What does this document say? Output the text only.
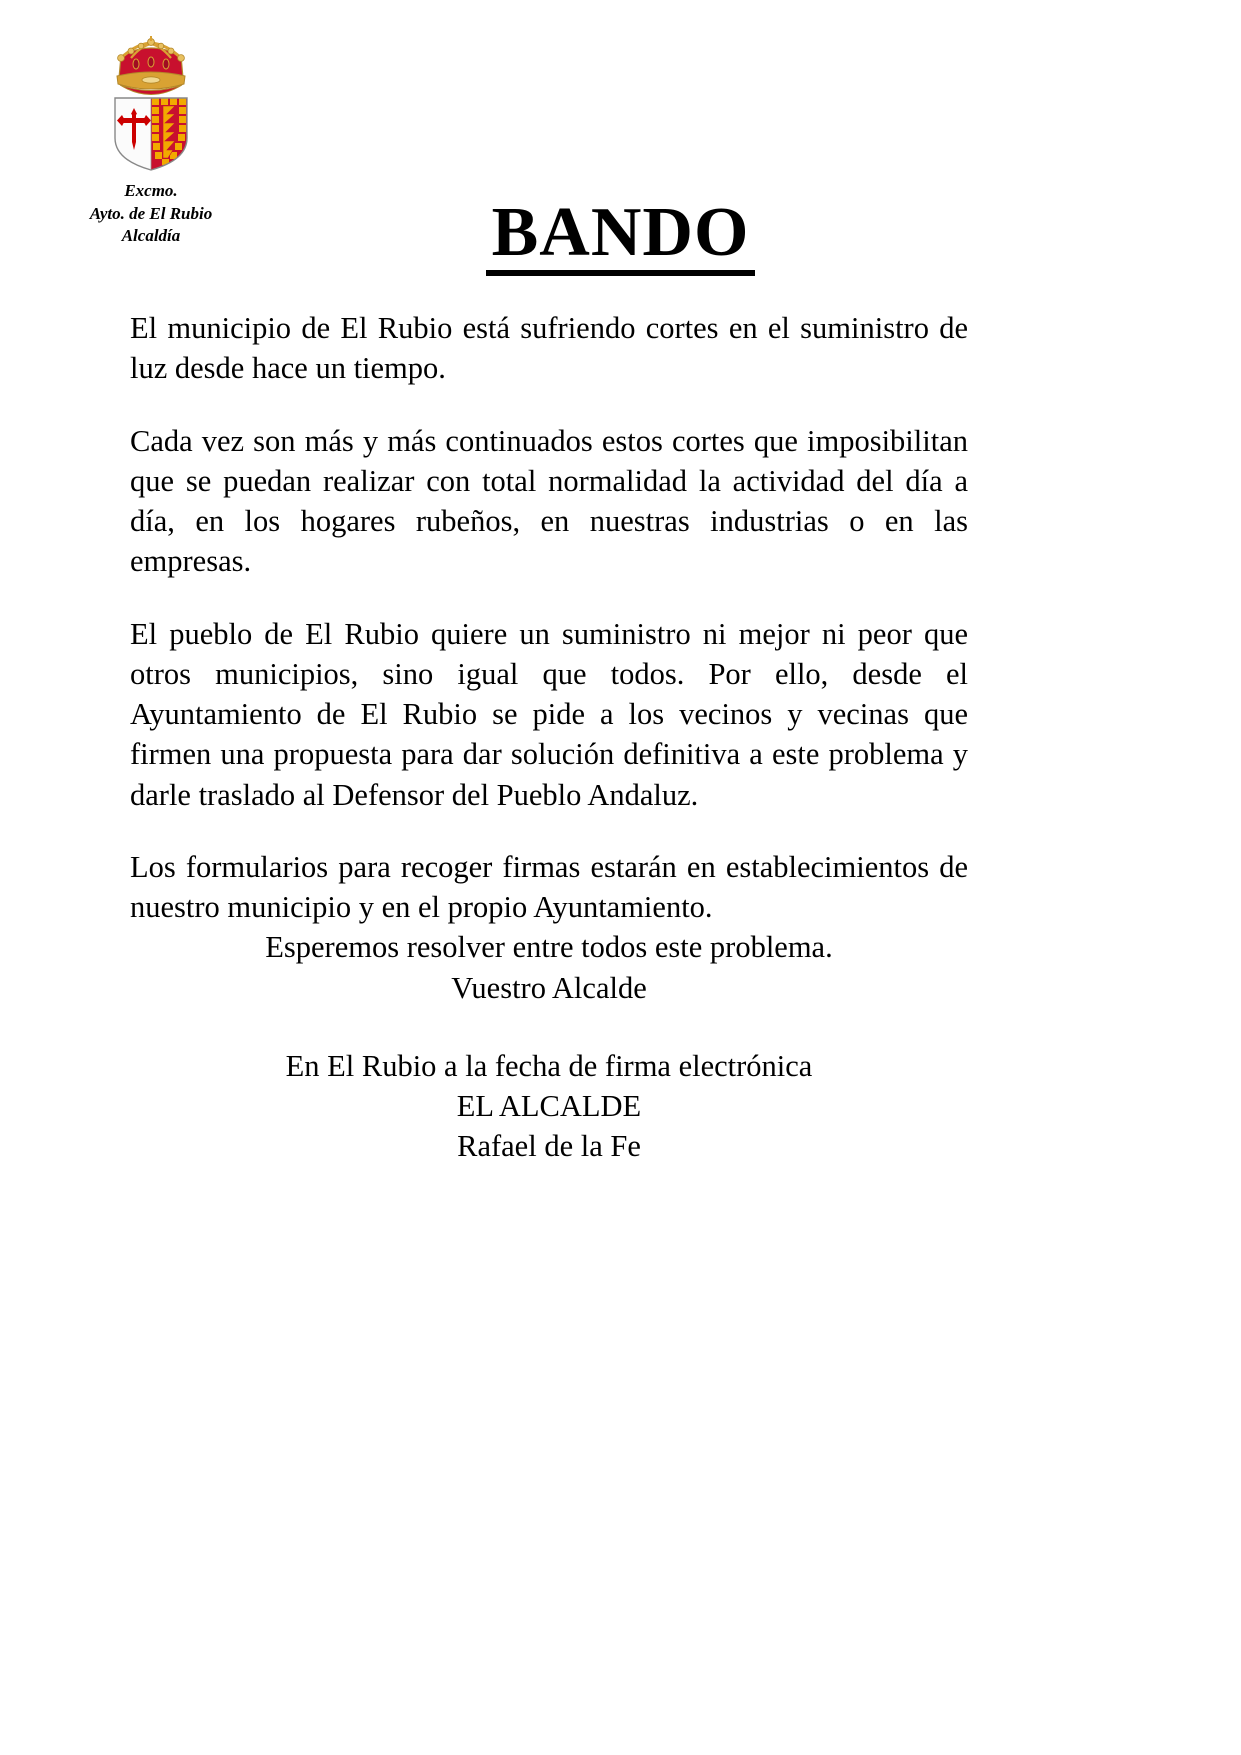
Excmo.
Ayto. de El Rubio
Alcaldía	BANDO

El municipio de El Rubio está sufriendo cortes en el suministro de luz desde hace un tiempo.

Cada vez son más y más continuados estos cortes que imposibilitan que se puedan realizar con total normalidad la actividad del día a día, en los hogares rubeños, en nuestras industrias o en las empresas.

El pueblo de El Rubio quiere un suministro ni mejor ni peor que otros municipios, sino igual que todos. Por ello, desde el Ayuntamiento de El Rubio se pide a los vecinos y vecinas que firmen una propuesta para dar solución definitiva a este problema y darle traslado al Defensor del Pueblo Andaluz.

Los formularios para recoger firmas estarán en establecimientos de nuestro municipio y en el propio Ayuntamiento.

Esperemos resolver entre todos este problema.

Vuestro Alcalde

En El Rubio a la fecha de firma electrónica

EL ALCALDE

Rafael de la Fe
